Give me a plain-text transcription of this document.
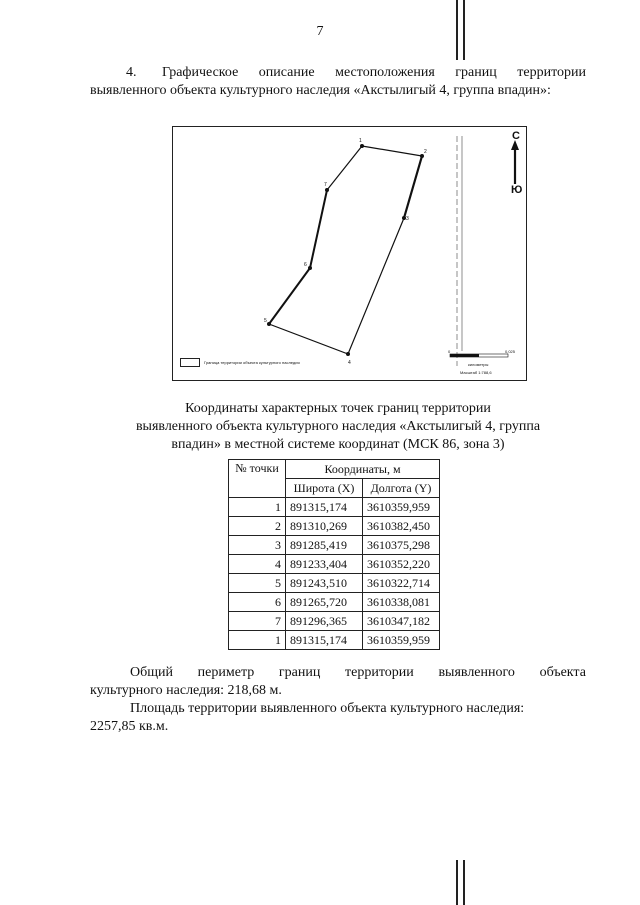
7
4. Графическое описание местоположения границ территории выявленного объекта культурного наследия «Акстылигый 4, группа впадин»:
1
2
3
4
5
6
7
С
Ю
Граница территории объекта культурного наследия
0	0,025
километры
Масштаб 1:788,6
Координаты характерных точек границ территории
выявленного объекта культурного наследия «Акстылигый 4, группа
впадин» в местной системе координат (МСК 86, зона 3)
№ точки	Координаты, м	
	Широта (X)	Долгота (Y)
1	891315,174	3610359,959
2	891310,269	3610382,450
3	891285,419	3610375,298
4	891233,404	3610352,220
5	891243,510	3610322,714
6	891265,720	3610338,081
7	891296,365	3610347,182
1	891315,174	3610359,959
Общий периметр границ территории выявленного объекта
культурного наследия: 218,68 м.
Площадь территории выявленного объекта культурного наследия:
2257,85 кв.м.
